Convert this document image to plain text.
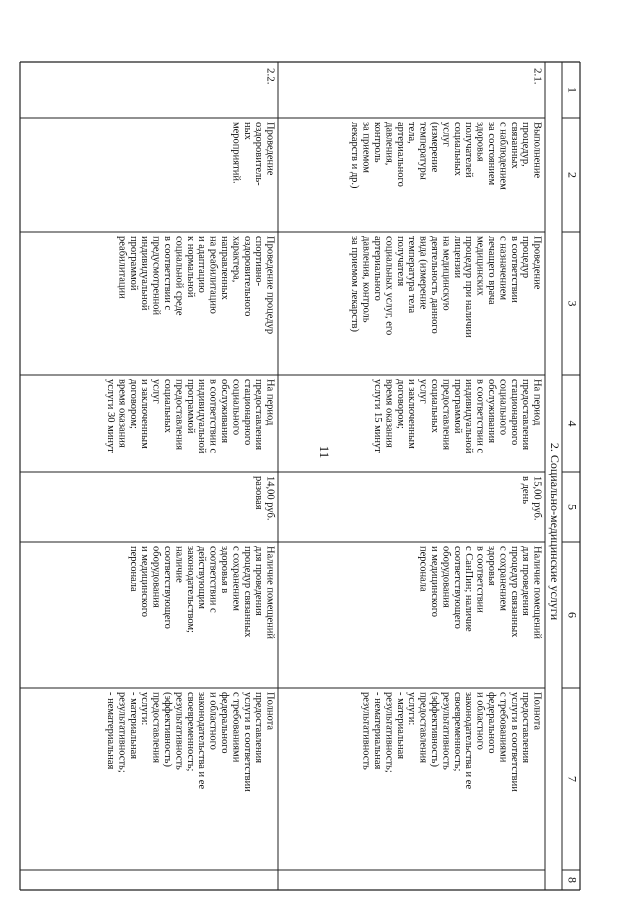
1
2
3
4
5
6
7
8
2. Социально-медицинские услуги
2.1.
Выполнение
процедур,
связанных
с наблюдением
за состоянием
здоровья
получателей
социальных
услуг
(измерение
температуры
тела,
артериального
давления,
контроль
за приемом
лекарств и др.)
Проведение
процедур
в соответствии
с назначением
лечащего врача
медицинских
процедур при наличии
лицензии
на медицинскую
деятельность данного
вида (измерение
температура тела
получателя
социальных услуг, его
артериального
давления, контроль
за приемом лекарств)
На период
предоставления
стационарного
социального
обслуживания
в соответствии с
индивидуальной
программой
предоставления
социальных
услуг
и заключенным
договором;
время оказания
услуги 15 минут
15,00 руб.
в день
Наличие помещений
для проведения
процедур связанных
с сохранением
здоровья
в соответствии
с СанПин; наличие
соответствующего
оборудования
и медицинского
персонала
Полнота
предоставления
услуги в соответствии
с требованиями
федерального
и областного
законодательства и ее
своевременность;
результативность
(эффективность)
предоставления
услуги:
- материальная
результативность;
- нематериальная
результативность
2.2.
Проведение
оздоровитель-
ных
мероприятий.
Проведение процедур
спортивно-
оздоровительного
характера,
направленных
на реабилитацию
и адаптацию
к нормальной
социальной среде
в соответствии с
предусмотренной
индивидуальной
программой
реабилитации
На период
предоставления
стационарного
социального
обслуживания
в соответствии с
индивидуальной
программой
предоставления
социальных
услуг
и заключенным
договором;
время оказания
услуги 30 минут
14,00 руб.
разовая
Наличие помещений
для проведения
процедур связанных
с сохранением
здоровья в
соответствии с
действующим
законодательством;
наличие
соответствующего
оборудования
и медицинского
персонала
Полнота
предоставления
услуги в соответствии
с требованиями
федерального
и областного
законодательства и ее
своевременность;
результативность
(эффективность)
предоставления
услуги:
- материальная
результативность;
- нематериальная
11
